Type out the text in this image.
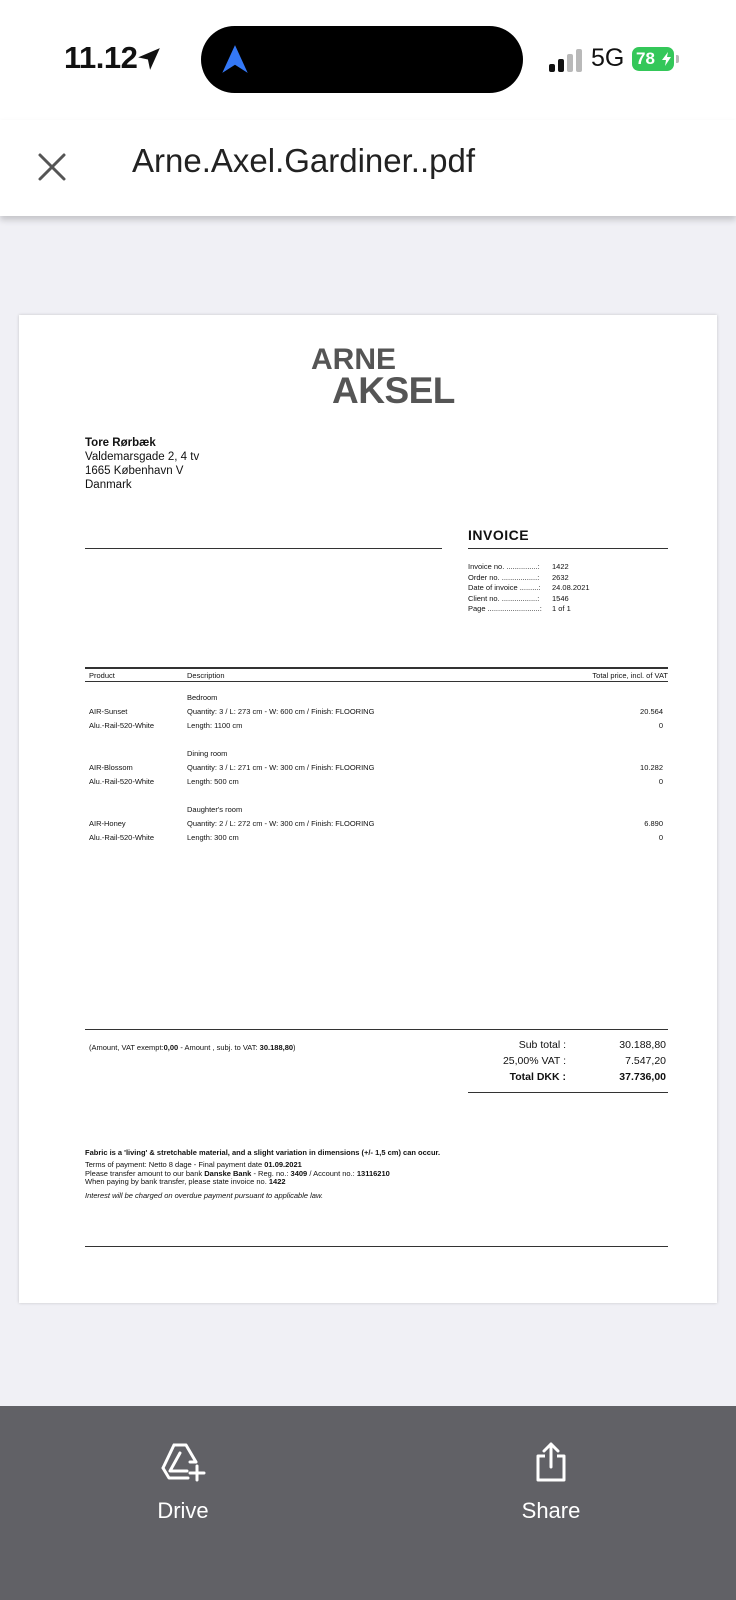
11.12	5G 78
Arne.Axel.Gardiner..pdf
ARNE
AKSEL
Tore Rørbæk
Valdemarsgade 2, 4 tv
1665 København V
Danmark
INVOICE
Invoice no. ...............:	1422
Order no. .................:	2632
Date of invoice .........:	24.08.2021
Client no. .................:	1546
Page .........................:	1 of 1
Product	Description	Total price, incl. of VAT
Bedroom
AIR-Sunset	Quantity: 3 / L: 273 cm - W: 600 cm / Finish: FLOORING	20.564
Alu.-Rail-520-White	Length: 1100 cm	0
Dining room
AIR-Blossom	Quantity: 3 / L: 271 cm - W: 300 cm / Finish: FLOORING	10.282
Alu.-Rail-520-White	Length: 500 cm	0
Daughter's room
AIR-Honey	Quantity: 2 / L: 272 cm - W: 300 cm / Finish: FLOORING	6.890
Alu.-Rail-520-White	Length: 300 cm	0
(Amount, VAT exempt:0,00 - Amount , subj. to VAT: 30.188,80)	Sub total :	30.188,80
25,00% VAT :	7.547,20
Total DKK :	37.736,00
Fabric is a 'living' & stretchable material, and a slight variation in dimensions (+/- 1,5 cm) can occur.
Terms of payment: Netto 8 dage - Final payment date 01.09.2021
Please transfer amount to our bank Danske Bank - Reg. no.: 3409 / Account no.: 13116210
When paying by bank transfer, please state invoice no. 1422
Interest will be charged on overdue payment pursuant to applicable law.
Drive	Share
